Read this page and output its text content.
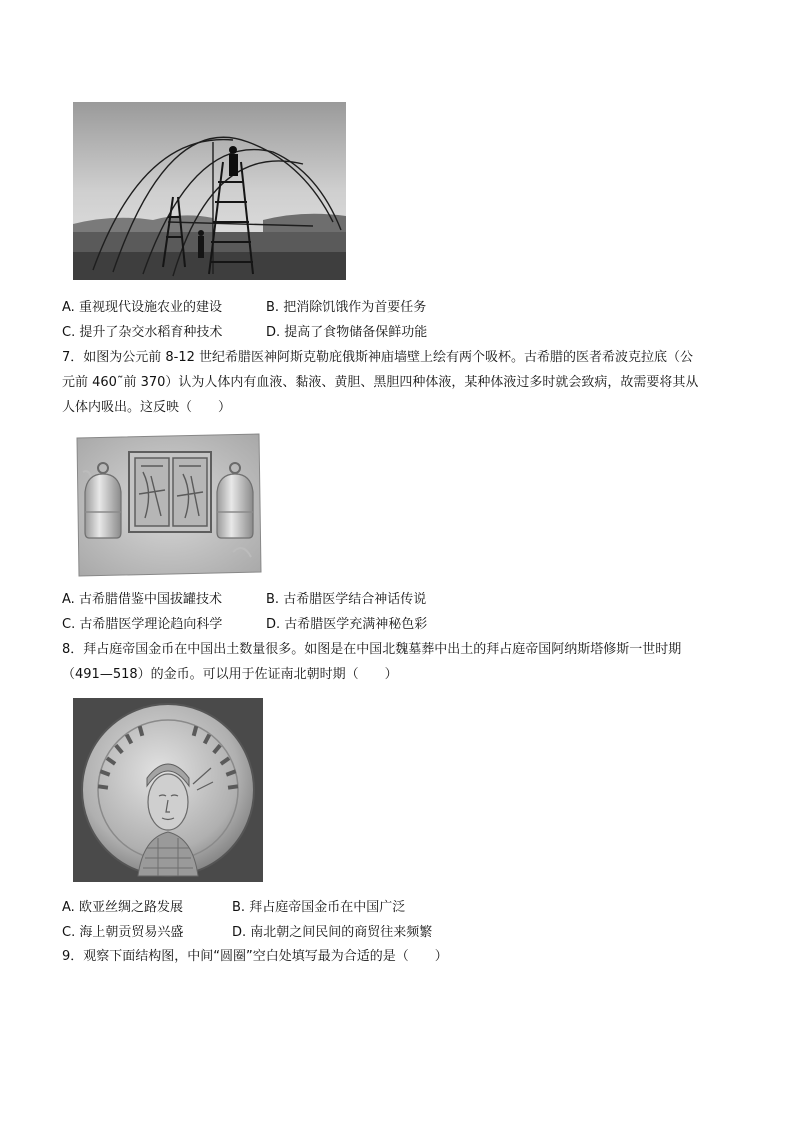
A. 重视现代设施农业的建设	B. 把消除饥饿作为首要任务
C. 提升了杂交水稻育种技术	D. 提高了食物储备保鲜功能
7．如图为公元前 8-12 世纪希腊医神阿斯克勒庇俄斯神庙墙壁上绘有两个吸杯。古希腊的医者希波克拉底（公
元前 460˜前 370）认为人体内有血液、黏液、黄胆、黑胆四种体液，某种体液过多时就会致病，故需要将其从
人体内吸出。这反映（　　）
A. 古希腊借鉴中国拔罐技术	B. 古希腊医学结合神话传说
C. 古希腊医学理论趋向科学	D. 古希腊医学充满神秘色彩
8．拜占庭帝国金币在中国出土数量很多。如图是在中国北魏墓葬中出土的拜占庭帝国阿纳斯塔修斯一世时期
（491—518）的金币。可以用于佐证南北朝时期（　　）
A. 欧亚丝绸之路发展	B. 拜占庭帝国金币在中国广泛
C. 海上朝贡贸易兴盛	D. 南北朝之间民间的商贸往来频繁
9．观察下面结构图，中间“圆圈”空白处填写最为合适的是（　　）
